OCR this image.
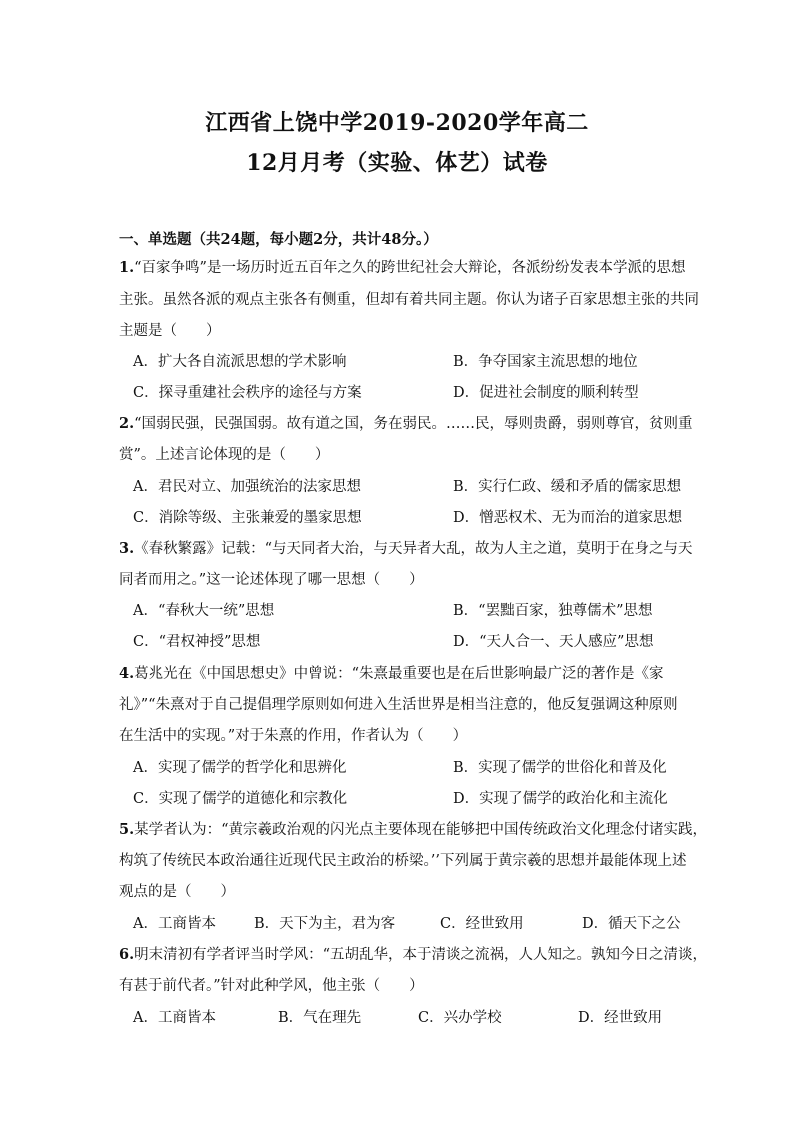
江西省上饶中学2019-2020学年高二
12月月考（实验、体艺）试卷
一、单选题（共24题，每小题2分，共计48分。）
1.“百家争鸣”是一场历时近五百年之久的跨世纪社会大辩论，各派纷纷发表本学派的思想
主张。虽然各派的观点主张各有侧重，但却有着共同主题。你认为诸子百家思想主张的共同
主题是（　　）
A．扩大各自流派思想的学术影响	B．争夺国家主流思想的地位
C．探寻重建社会秩序的途径与方案	D．促进社会制度的顺利转型
2.“国弱民强，民强国弱。故有道之国，务在弱民。……民，辱则贵爵，弱则尊官，贫则重
赏”。上述言论体现的是（　　）
A．君民对立、加强统治的法家思想	B．实行仁政、缓和矛盾的儒家思想
C．消除等级、主张兼爱的墨家思想	D．憎恶权术、无为而治的道家思想
3.《春秋繁露》记载：“与天同者大治，与天异者大乱，故为人主之道，莫明于在身之与天
同者而用之。”这一论述体现了哪一思想（　　）
A．“春秋大一统”思想	B．“罢黜百家，独尊儒术”思想
C．“君权神授”思想	D．“天人合一、天人感应”思想
4.葛兆光在《中国思想史》中曾说：“朱熹最重要也是在后世影响最广泛的著作是《家
礼》”“朱熹对于自己提倡理学原则如何进入生活世界是相当注意的，他反复强调这种原则
在生活中的实现。”对于朱熹的作用，作者认为（　　）
A．实现了儒学的哲学化和思辨化	B．实现了儒学的世俗化和普及化
C．实现了儒学的道德化和宗教化	D．实现了儒学的政治化和主流化
5.某学者认为：“黄宗羲政治观的闪光点主要体现在能够把中国传统政治文化理念付诸实践，
构筑了传统民本政治通往近现代民主政治的桥梁。’’下列属于黄宗羲的思想并最能体现上述
观点的是（　　）
A．工商皆本	B．天下为主，君为客	C．经世致用	D．循天下之公
6.明末清初有学者评当时学风：“五胡乱华，本于清谈之流祸，人人知之。孰知今日之清谈，
有甚于前代者。”针对此种学风，他主张（　　）
A．工商皆本	B．气在理先	C．兴办学校	D．经世致用
